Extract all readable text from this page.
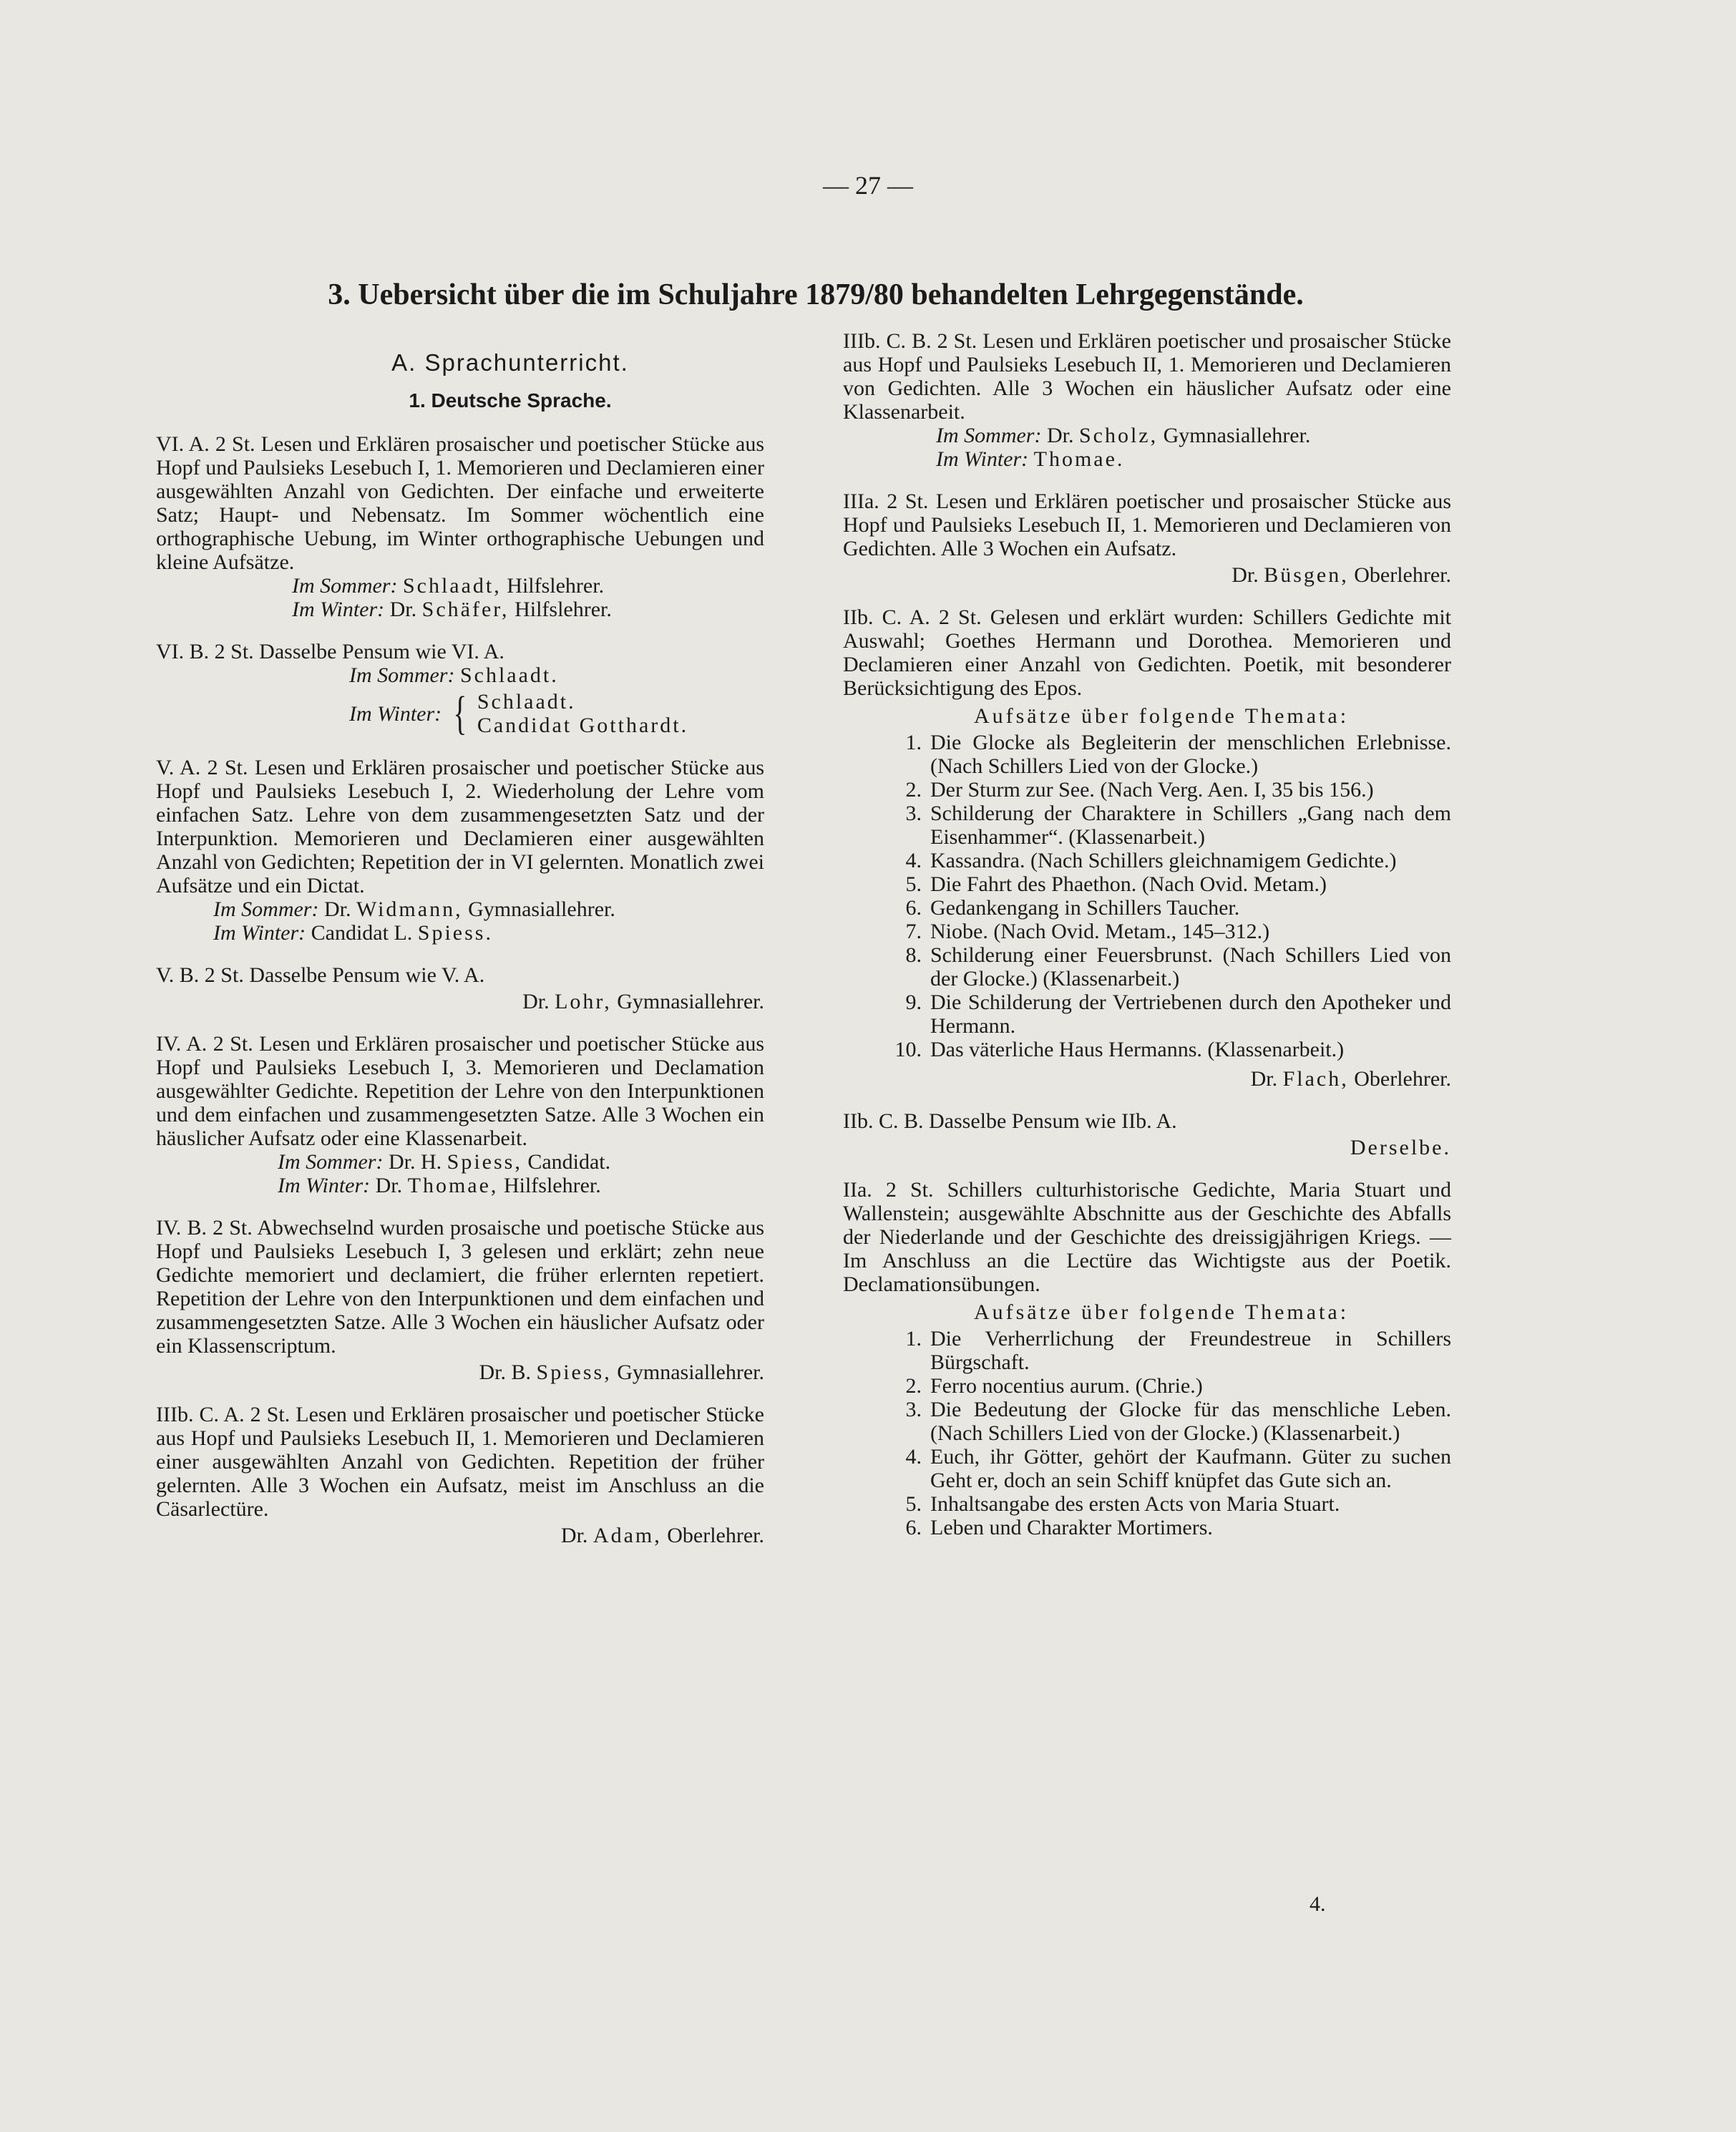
— 27 —
3. Uebersicht über die im Schuljahre 1879/80 behandelten Lehrgegenstände.
A. Sprachunterricht.
1. Deutsche Sprache.

VI. A. 2 St. Lesen und Erklären prosaischer und poetischer Stücke aus Hopf und Paulsieks Lesebuch I, 1. Memorieren und Declamieren einer ausgewählten Anzahl von Gedichten. Der einfache und erweiterte Satz; Haupt- und Nebensatz. Im Sommer wöchentlich eine orthographische Uebung, im Winter orthographische Uebungen und kleine Aufsätze.

Im Sommer: Schlaadt, Hilfslehrer.
Im Winter: Dr. Schäfer, Hilfslehrer.

VI. B. 2 St. Dasselbe Pensum wie VI. A.

Im Sommer: Schlaadt.
Im Winter: { Schlaadt.
Candidat Gotthardt.

V. A. 2 St. Lesen und Erklären prosaischer und poetischer Stücke aus Hopf und Paulsieks Lesebuch I, 2. Wiederholung der Lehre vom einfachen Satz. Lehre von dem zusammengesetzten Satz und der Interpunktion. Memorieren und Declamieren einer ausgewählten Anzahl von Gedichten; Repetition der in VI gelernten. Monatlich zwei Aufsätze und ein Dictat.

Im Sommer: Dr. Widmann, Gymnasiallehrer.
Im Winter: Candidat L. Spiess.

V. B. 2 St. Dasselbe Pensum wie V. A.

Dr. Lohr, Gymnasiallehrer.

IV. A. 2 St. Lesen und Erklären prosaischer und poetischer Stücke aus Hopf und Paulsieks Lesebuch I, 3. Memorieren und Declamation ausgewählter Gedichte. Repetition der Lehre von den Interpunktionen und dem einfachen und zusammengesetzten Satze. Alle 3 Wochen ein häuslicher Aufsatz oder eine Klassenarbeit.

Im Sommer: Dr. H. Spiess, Candidat.
Im Winter: Dr. Thomae, Hilfslehrer.

IV. B. 2 St. Abwechselnd wurden prosaische und poetische Stücke aus Hopf und Paulsieks Lesebuch I, 3 gelesen und erklärt; zehn neue Gedichte memoriert und declamiert, die früher erlernten repetiert. Repetition der Lehre von den Interpunktionen und dem einfachen und zusammengesetzten Satze. Alle 3 Wochen ein häuslicher Aufsatz oder ein Klassenscriptum.

Dr. B. Spiess, Gymnasiallehrer.

IIIb. C. A. 2 St. Lesen und Erklären prosaischer und poetischer Stücke aus Hopf und Paulsieks Lesebuch II, 1. Memorieren und Declamieren einer ausgewählten Anzahl von Gedichten. Repetition der früher gelernten. Alle 3 Wochen ein Aufsatz, meist im Anschluss an die Cäsarlectüre.

Dr. Adam, Oberlehrer.

IIIb. C. B. 2 St. Lesen und Erklären poetischer und prosaischer Stücke aus Hopf und Paulsieks Lesebuch II, 1. Memorieren und Declamieren von Gedichten. Alle 3 Wochen ein häuslicher Aufsatz oder eine Klassenarbeit.

Im Sommer: Dr. Scholz, Gymnasiallehrer.
Im Winter: Thomae.

IIIa. 2 St. Lesen und Erklären poetischer und prosaischer Stücke aus Hopf und Paulsieks Lesebuch II, 1. Memorieren und Declamieren von Gedichten. Alle 3 Wochen ein Aufsatz.

Dr. Büsgen, Oberlehrer.

IIb. C. A. 2 St. Gelesen und erklärt wurden: Schillers Gedichte mit Auswahl; Goethes Hermann und Dorothea. Memorieren und Declamieren einer Anzahl von Gedichten. Poetik, mit besonderer Berücksichtigung des Epos.

Aufsätze über folgende Themata:
1. Die Glocke als Begleiterin der menschlichen Erlebnisse. (Nach Schillers Lied von der Glocke.)
2. Der Sturm zur See. (Nach Verg. Aen. I, 35 bis 156.)
3. Schilderung der Charaktere in Schillers „Gang nach dem Eisenhammer“. (Klassenarbeit.)
4. Kassandra. (Nach Schillers gleichnamigem Gedichte.)
5. Die Fahrt des Phaethon. (Nach Ovid. Metam.)
6. Gedankengang in Schillers Taucher.
7. Niobe. (Nach Ovid. Metam., 145–312.)
8. Schilderung einer Feuersbrunst. (Nach Schillers Lied von der Glocke.) (Klassenarbeit.)
9. Die Schilderung der Vertriebenen durch den Apotheker und Hermann.
10. Das väterliche Haus Hermanns. (Klassenarbeit.)
Dr. Flach, Oberlehrer.

IIb. C. B. Dasselbe Pensum wie IIb. A.

Derselbe.

IIa. 2 St. Schillers culturhistorische Gedichte, Maria Stuart und Wallenstein; ausgewählte Abschnitte aus der Geschichte des Abfalls der Niederlande und der Geschichte des dreissigjährigen Kriegs. — Im Anschluss an die Lectüre das Wichtigste aus der Poetik. Declamationsübungen.

Aufsätze über folgende Themata:
1. Die Verherrlichung der Freundestreue in Schillers Bürgschaft.
2. Ferro nocentius aurum. (Chrie.)
3. Die Bedeutung der Glocke für das menschliche Leben. (Nach Schillers Lied von der Glocke.) (Klassenarbeit.)
4. Euch, ihr Götter, gehört der Kaufmann. Güter zu suchen Geht er, doch an sein Schiff knüpfet das Gute sich an.
5. Inhaltsangabe des ersten Acts von Maria Stuart.
6. Leben und Charakter Mortimers.
4.
